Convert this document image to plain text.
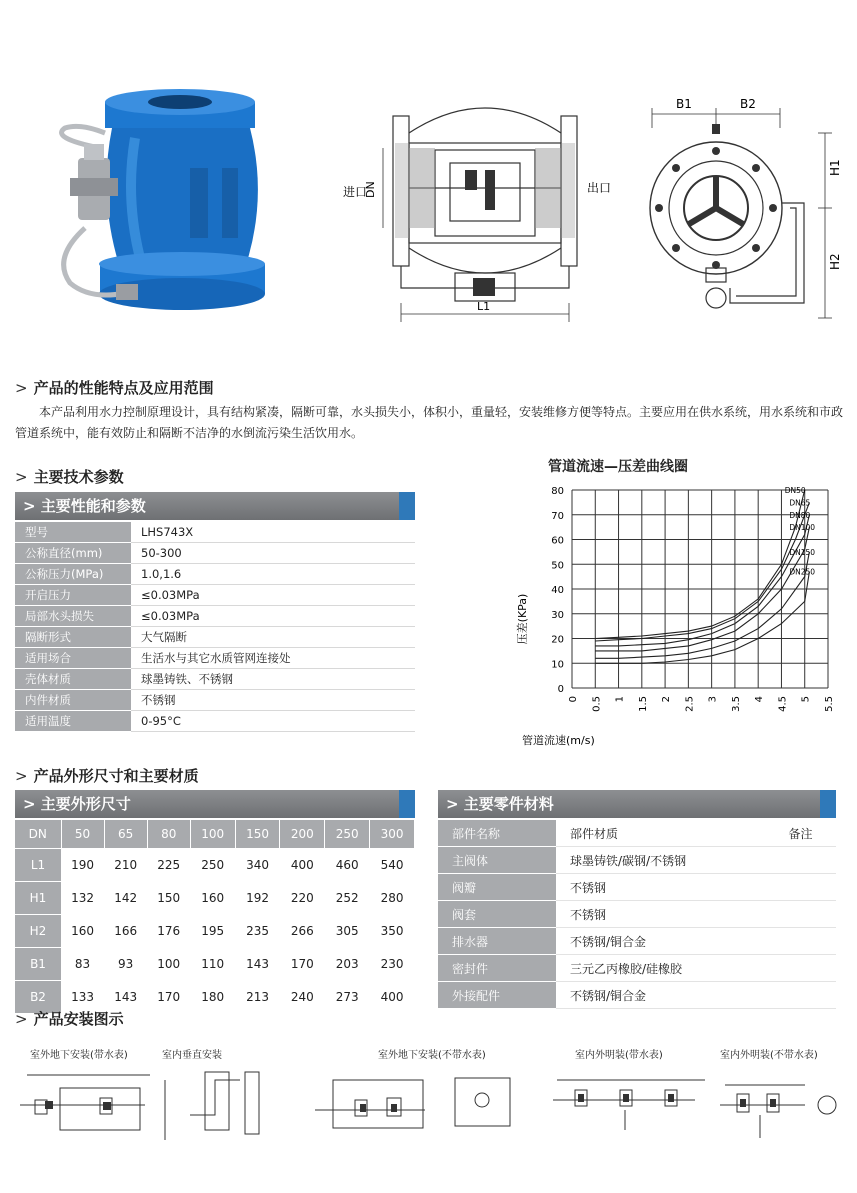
进口
DN	出口
L1
B1	B2
H1
H2
> 产品的性能特点及应用范围
本产品利用水力控制原理设计，具有结构紧凑，隔断可靠，水头损失小，体积小，重量轻，安装维修方便等特点。主要应用在供水系统，用水系统和市政管道系统中，能有效防止和隔断不洁净的水倒流污染生活饮用水。
> 主要技术参数
> 主要性能和参数
型号	LHS743X
公称直径(mm)	50-300
公称压力(MPa)	1.0,1.6
开启压力	≤0.03MPa
局部水头损失	≤0.03MPa
隔断形式	大气隔断
适用场合	生活水与其它水质管网连接处
壳体材质	球墨铸铁、不锈钢
内件材质	不锈钢
适用温度	0-95°C
管道流速—压差曲线圈
0 0.5 1 1.5 2 2.5 3 3.5 4 4.5 5 5.5
0
10
20
30
40
50
60
70
80	DN50
DN65
DN80
DN100
DN150
DN250
压差(KPa)
管道流速(m/s)
> 产品外形尺寸和主要材质
> 主要外形尺寸
DN	50	65	80	100	150	200	250	300
L1	190	210	225	250	340	400	460	540
H1	132	142	150	160	192	220	252	280
H2	160	166	176	195	235	266	305	350
B1	83	93	100	110	143	170	203	230
B2	133	143	170	180	213	240	273	400
> 主要零件材料
部件名称	部件材质	备注
主阀体	球墨铸铁/碳钢/不锈钢	
阀瓣	不锈钢	
阀套	不锈钢	
排水器	不锈钢/铜合金	
密封件	三元乙丙橡胶/硅橡胶	
外接配件	不锈钢/铜合金	
> 产品安装图示
室外地下安装(带水表)	室内垂直安装	室外地下安装(不带水表)	室内外明装(带水表)	室内外明装(不带水表)
